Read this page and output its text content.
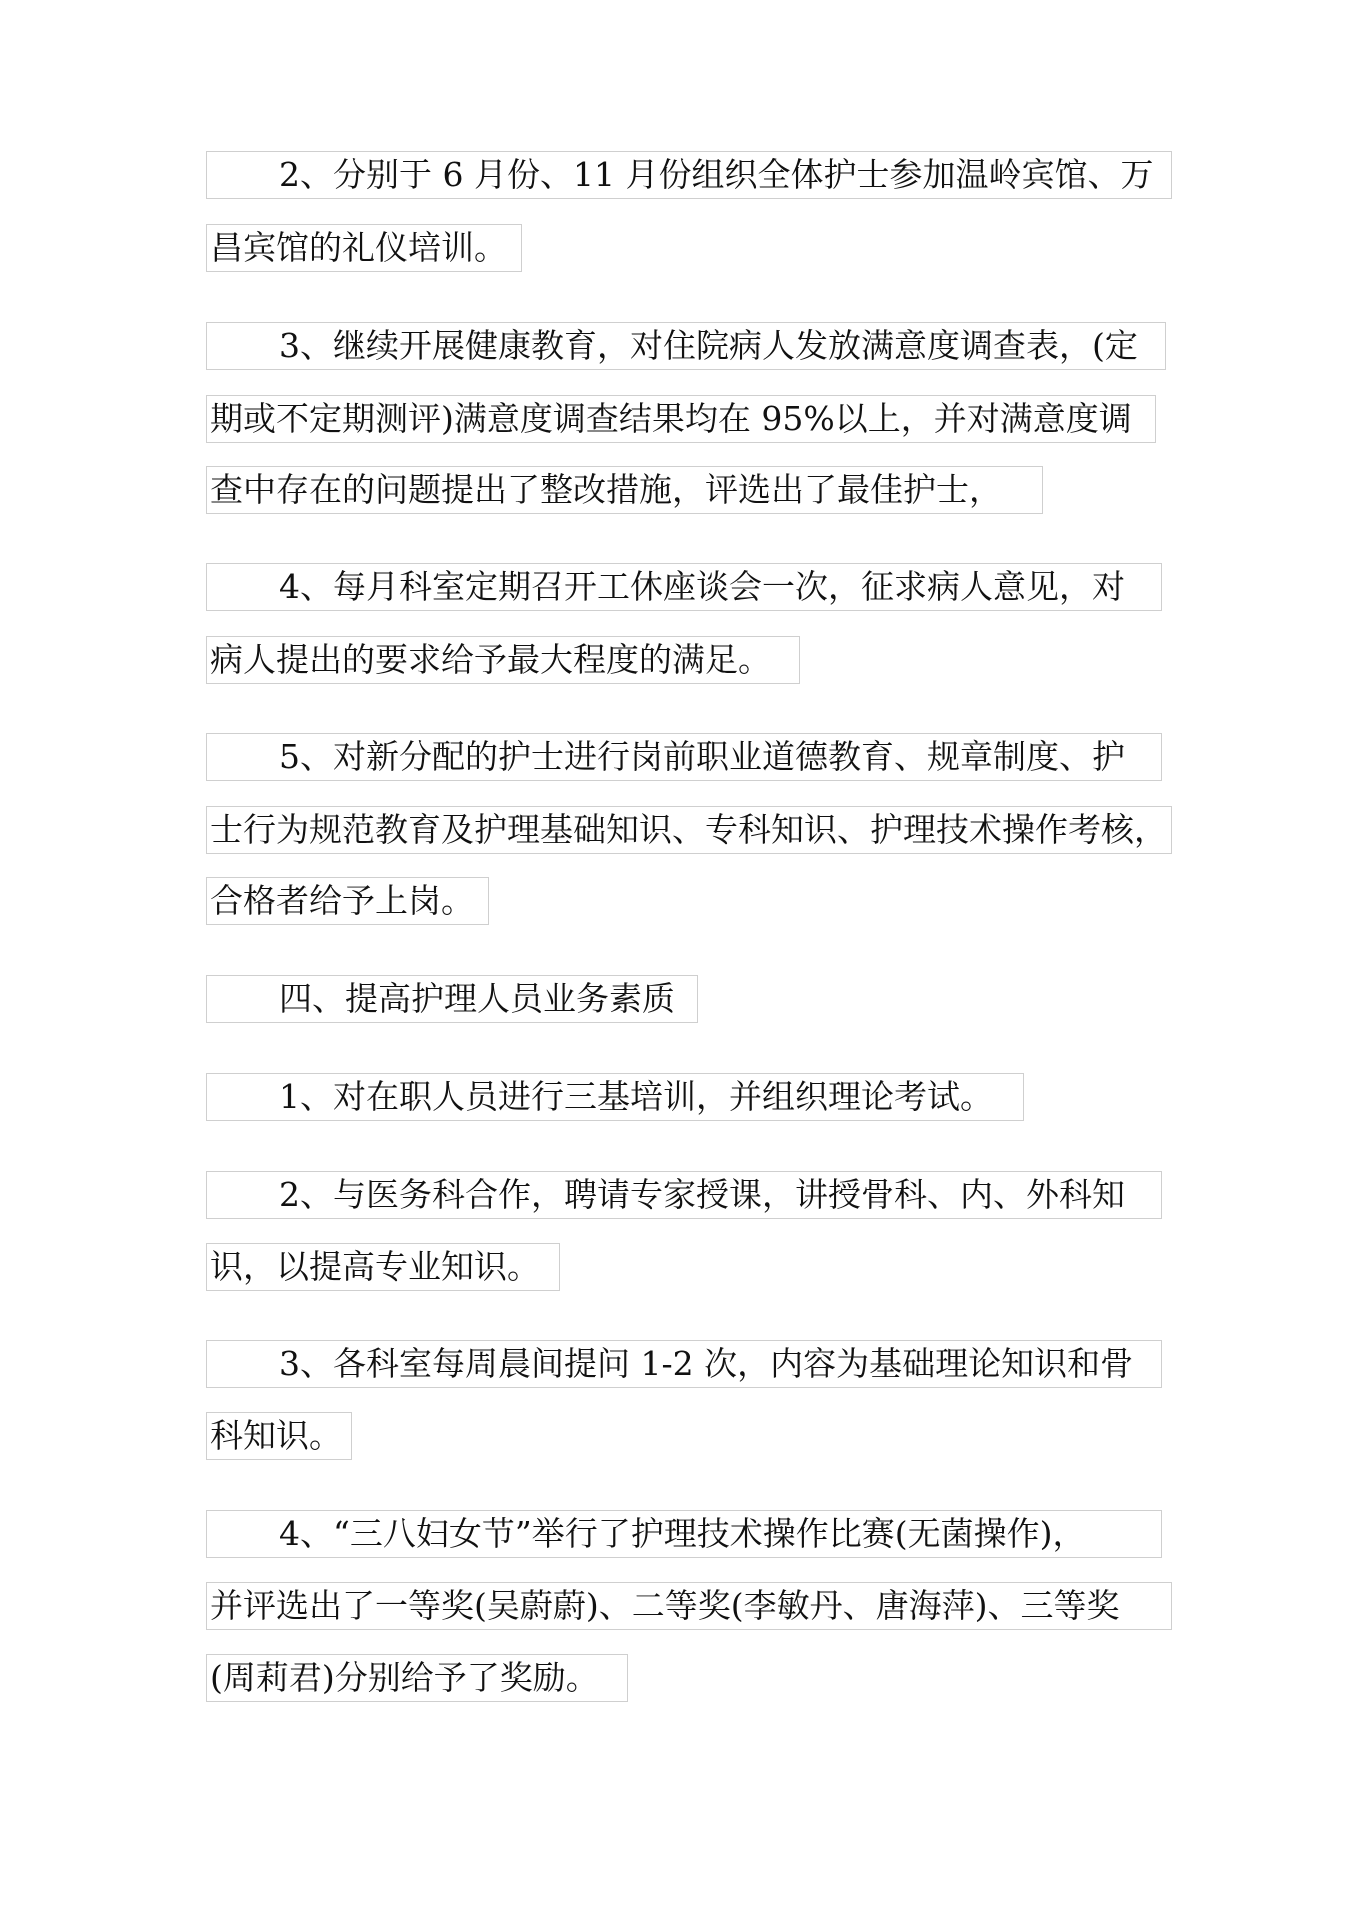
2、分别于 6 月份、11 月份组织全体护士参加温岭宾馆、万
昌宾馆的礼仪培训。
3、继续开展健康教育，对住院病人发放满意度调查表，(定
期或不定期测评)满意度调查结果均在 95%以上，并对满意度调
查中存在的问题提出了整改措施，评选出了最佳护士，
4、每月科室定期召开工休座谈会一次，征求病人意见，对
病人提出的要求给予最大程度的满足。
5、对新分配的护士进行岗前职业道德教育、规章制度、护
士行为规范教育及护理基础知识、专科知识、护理技术操作考核，
合格者给予上岗。
四、提高护理人员业务素质
1、对在职人员进行三基培训，并组织理论考试。
2、与医务科合作，聘请专家授课，讲授骨科、内、外科知
识，以提高专业知识。
3、各科室每周晨间提问 1-2 次，内容为基础理论知识和骨
科知识。
4、“三八妇女节”举行了护理技术操作比赛(无菌操作)，
并评选出了一等奖(吴蔚蔚)、二等奖(李敏丹、唐海萍)、三等奖
(周莉君)分别给予了奖励。
